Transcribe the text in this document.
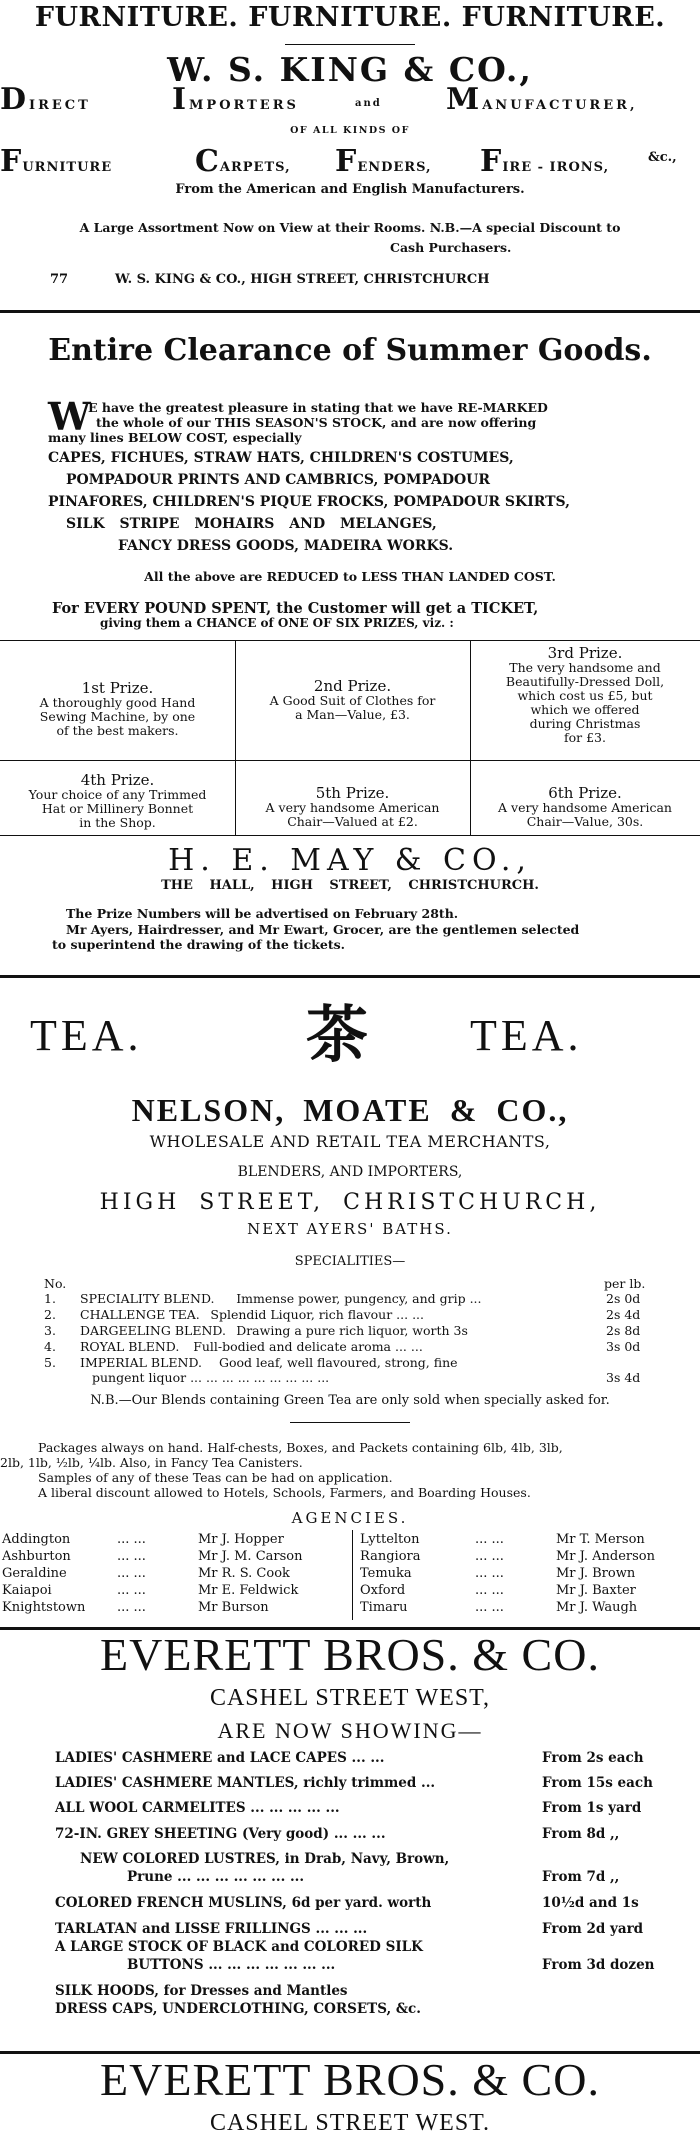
FURNITURE. FURNITURE. FURNITURE.
W. S. KING & CO.,
DIRECT	IMPORTERS	and MANUFACTURER,
OF ALL KINDS OF
FURNITURE	CARPETS, FENDERS, FIRE - IRONS,
&c.,
From the American and English Manufacturers.
A Large Assortment Now on View at their Rooms. N.B.—A special Discount to
Cash Purchasers.
77	W. S. KING & CO., HIGH STREET, CHRISTCHURCH
Entire Clearance of Summer Goods.
W
E have the greatest pleasure in stating that we have RE-MARKED
the whole of our THIS SEASON'S STOCK, and are now offering
many lines BELOW COST, especially
CAPES, FICHUES, STRAW HATS, CHILDREN'S COSTUMES,
POMPADOUR PRINTS AND CAMBRICS, POMPADOUR
PINAFORES, CHILDREN'S PIQUE FROCKS, POMPADOUR SKIRTS,
SILK STRIPE MOHAIRS AND MELANGES,
FANCY DRESS GOODS, MADEIRA WORKS.
All the above are REDUCED to LESS THAN LANDED COST.
For EVERY POUND SPENT, the Customer will get a TICKET,
giving them a CHANCE of ONE OF SIX PRIZES, viz. :
1st Prize.
A thoroughly good Hand
Sewing Machine, by one
of the best makers.
2nd Prize.
A Good Suit of Clothes for
a Man—Value, £3.
3rd Prize.
The very handsome and
Beautifully-Dressed Doll,
which cost us £5, but
which we offered
during Christmas
for £3.
4th Prize.
Your choice of any Trimmed
Hat or Millinery Bonnet
in the Shop.
5th Prize.
A very handsome American
Chair—Valued at £2.
6th Prize.
A very handsome American
Chair—Value, 30s.
H. E. MAY & CO.,
THE HALL, HIGH STREET, CHRISTCHURCH.
The Prize Numbers will be advertised on February 28th.
Mr Ayers, Hairdresser, and Mr Ewart, Grocer, are the gentlemen selected
to superintend the drawing of the tickets.
TEA.	茶 TEA.
NELSON, MOATE & CO.,
WHOLESALE AND RETAIL TEA MERCHANTS,
BLENDERS, AND IMPORTERS,
HIGH STREET, CHRISTCHURCH,
NEXT AYERS' BATHS.
SPECIALITIES—
No.	per lb.
1. SPECIALITY BLEND. Immense power, pungency, and grip ...	2s 0d
2. CHALLENGE TEA. Splendid Liquor, rich flavour ... ...	2s 4d
3. DARGEELING BLEND. Drawing a pure rich liquor, worth 3s	2s 8d
4. ROYAL BLEND. Full-bodied and delicate aroma ... ...	3s 0d
5. IMPERIAL BLEND. Good leaf, well flavoured, strong, fine
pungent liquor ... ... ... ... ... ... ... ... ...	3s 4d
N.B.—Our Blends containing Green Tea are only sold when specially asked for.
Packages always on hand. Half-chests, Boxes, and Packets containing 6lb, 4lb, 3lb,
2lb, 1lb, ½lb, ¼lb. Also, in Fancy Tea Canisters.
Samples of any of these Teas can be had on application.
A liberal discount allowed to Hotels, Schools, Farmers, and Boarding Houses.
AGENCIES.
Addington	... ...	Mr J. Hopper
Ashburton	... ...	Mr J. M. Carson
Geraldine	... ...	Mr R. S. Cook
Kaiapoi	... ...	Mr E. Feldwick
Knightstown ... ...	Mr Burson
Lyttelton	... ...	Mr T. Merson
Rangiora	... ...	Mr J. Anderson
Temuka	... ...	Mr J. Brown
Oxford	... ...	Mr J. Baxter
Timaru	... ...	Mr J. Waugh
EVERETT BROS. & CO.
CASHEL STREET WEST,
ARE NOW SHOWING—
LADIES' CASHMERE and LACE CAPES ... ...	From 2s each
LADIES' CASHMERE MANTLES, richly trimmed ...	From 15s each
ALL WOOL CARMELITES ... ... ... ... ...	From 1s yard
72-IN. GREY SHEETING (Very good) ... ... ...	From 8d ,,
NEW COLORED LUSTRES, in Drab, Navy, Brown,
Prune ... ... ... ... ... ... ...	From 7d ,,
COLORED FRENCH MUSLINS, 6d per yard. worth	10½d and 1s
TARLATAN and LISSE FRILLINGS ... ... ...	From 2d yard
A LARGE STOCK OF BLACK and COLORED SILK
BUTTONS ... ... ... ... ... ... ...	From 3d dozen
SILK HOODS, for Dresses and Mantles
DRESS CAPS, UNDERCLOTHING, CORSETS, &c.
EVERETT BROS. & CO.
CASHEL STREET WEST.
